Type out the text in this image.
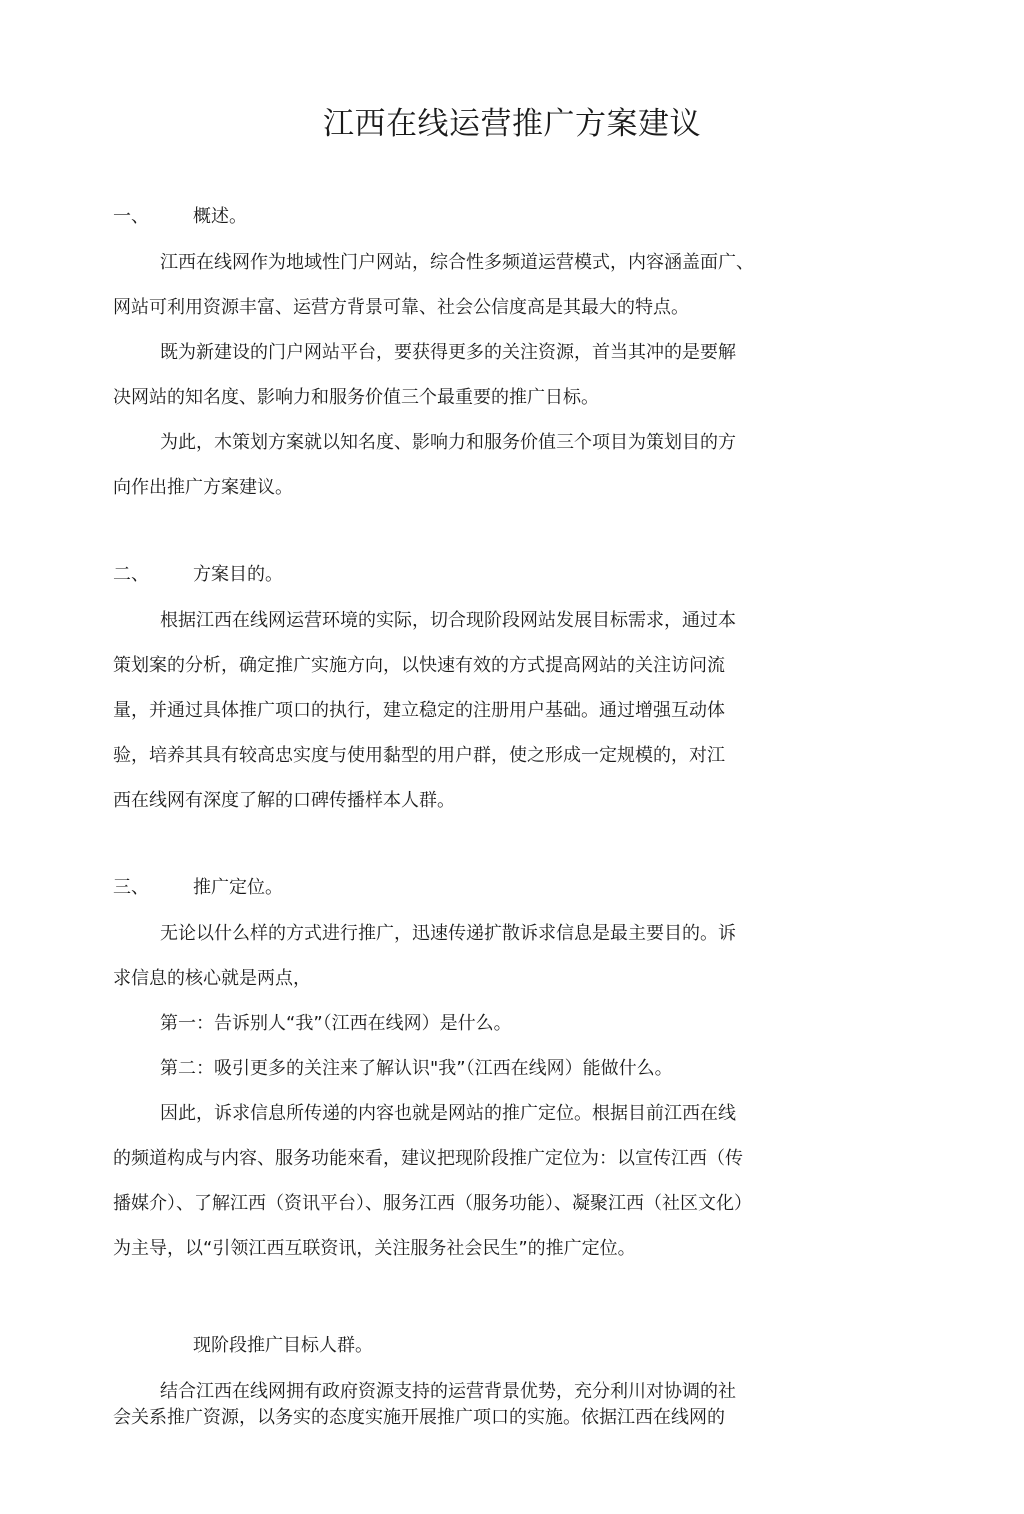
江西在线运营推广方案建议
一、 概述。

江西在线网作为地域性门户网站，综合性多频道运营模式，内容涵盖面广、

网站可利用资源丰富、运营方背景可靠、社会公信度高是其最大的特点。

既为新建设的门户网站平台，要获得更多的关注资源，首当其冲的是要解

决网站的知名度、影响力和服务价值三个最重要的推广日标。

为此，木策划方案就以知名度、影响力和服务价值三个项目为策划目的方

向作出推广方案建议。

二、 方案目的。

根据江西在线网运营环境的实际，切合现阶段网站发展目标需求，通过本

策划案的分析，确定推广实施方向，以快速有效的方式提高网站的关注访问流

量，并通过具体推广项口的执行，建立稳定的注册用户基础。通过增强互动体

验，培养其具有较高忠实度与使用黏型的用户群，使之形成一定规模的，对江

西在线网有深度了解的口碑传播样本人群。

三、 推广定位。

无论以什么样的方式进行推广，迅速传递扩散诉求信息是最主要目的。诉

求信息的核心就是两点，

第一：告诉别人“我”（江西在线网）是什么。

第二：吸引更多的关注来了解认识"我”（江西在线网）能做什么。

因此，诉求信息所传递的内容也就是网站的推广定位。根据目前江西在线

的频道构成与内容、服务功能來看，建议把现阶段推广定位为：以宣传江西（传

播媒介）、了解江西（资讯平台）、服务江西（服务功能）、凝聚江西（社区文化）

为主导，以“引领江西互联资讯，关注服务社会民生”的推广定位。

现阶段推广目标人群。

结合江西在线网拥有政府资源支持的运营背景优势，充分利川对协调的社

会关系推广资源，以务实的态度实施开展推广项口的实施。依据江西在线网的
